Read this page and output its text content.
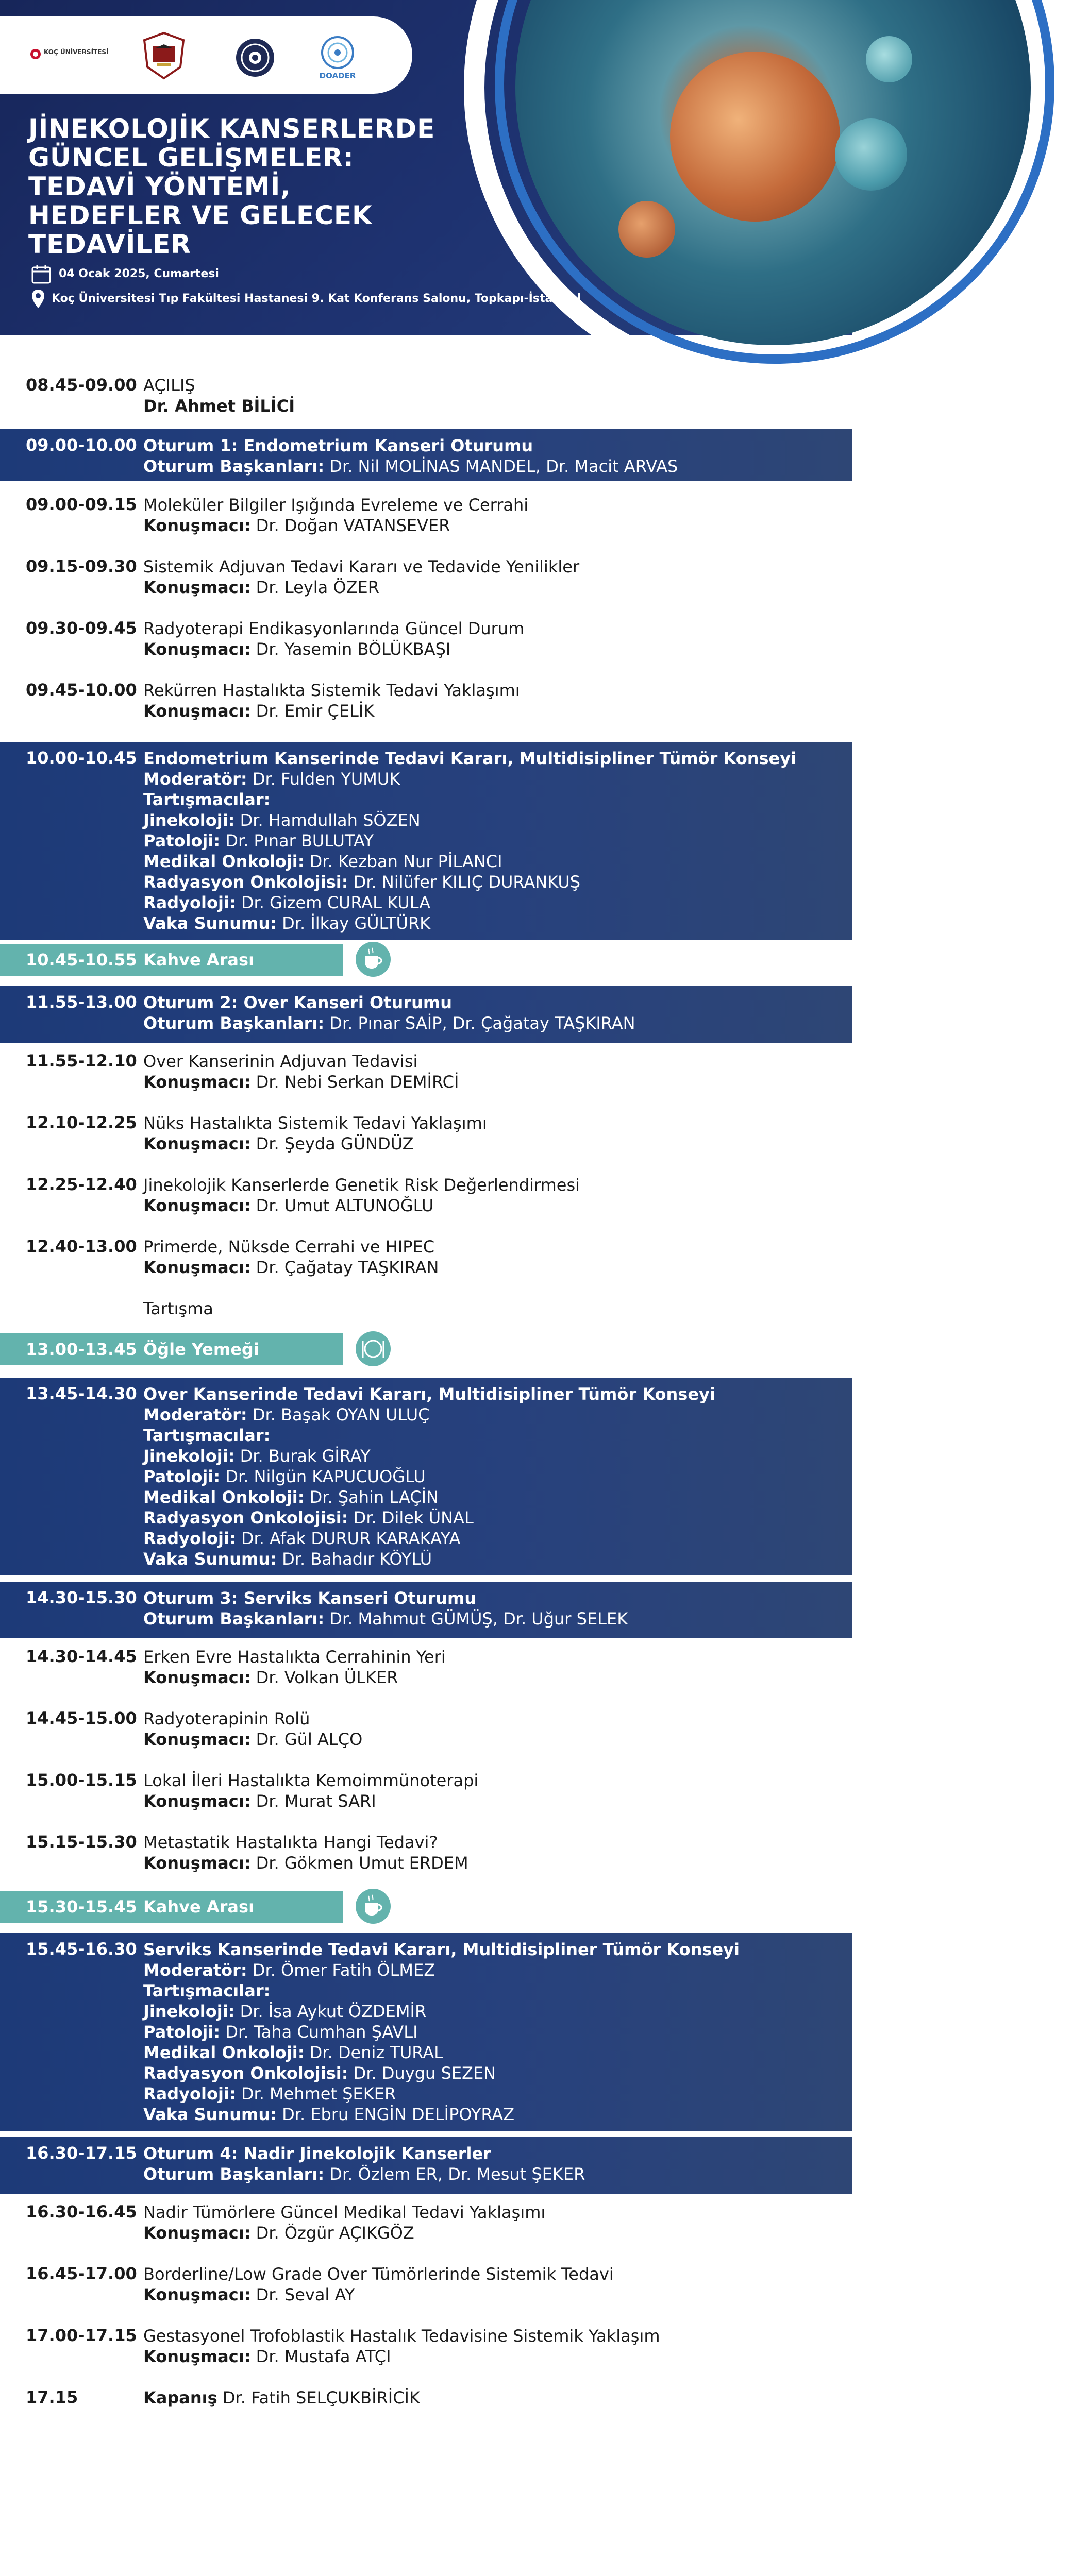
KOÇ ÜNİVERSİTESİ
DOADER
JİNEKOLOJİK KANSERLERDE
GÜNCEL GELİŞMELER:
TEDAVİ YÖNTEMİ,
HEDEFLER VE GELECEK TEDAVİLER
04 Ocak 2025, Cumartesi
Koç Üniversitesi Tıp Fakültesi Hastanesi 9. Kat Konferans Salonu, Topkapı-İstanbul
08.45-09.00 AÇILIŞ
Dr. Ahmet BİLİCİ
09.00-10.00 Oturum 1: Endometrium Kanseri Oturumu
Oturum Başkanları: Dr. Nil MOLİNAS MANDEL, Dr. Macit ARVAS
09.00-09.15 Moleküler Bilgiler Işığında Evreleme ve Cerrahi
Konuşmacı: Dr. Doğan VATANSEVER
09.15-09.30 Sistemik Adjuvan Tedavi Kararı ve Tedavide Yenilikler
Konuşmacı: Dr. Leyla ÖZER
09.30-09.45 Radyoterapi Endikasyonlarında Güncel Durum
Konuşmacı: Dr. Yasemin BÖLÜKBAŞI
09.45-10.00 Rekürren Hastalıkta Sistemik Tedavi Yaklaşımı
Konuşmacı: Dr. Emir ÇELİK
10.00-10.45 Endometrium Kanserinde Tedavi Kararı, Multidisipliner Tümör Konseyi
Moderatör: Dr. Fulden YUMUK
Tartışmacılar:
Jinekoloji: Dr. Hamdullah SÖZEN
Patoloji: Dr. Pınar BULUTAY
Medikal Onkoloji: Dr. Kezban Nur PİLANCI
Radyasyon Onkolojisi: Dr. Nilüfer KILIÇ DURANKUŞ
Radyoloji: Dr. Gizem CURAL KULA
Vaka Sunumu: Dr. İlkay GÜLTÜRK
10.45-10.55 Kahve Arası
11.55-13.00 Oturum 2: Over Kanseri Oturumu
Oturum Başkanları: Dr. Pınar SAİP, Dr. Çağatay TAŞKIRAN
11.55-12.10 Over Kanserinin Adjuvan Tedavisi
Konuşmacı: Dr. Nebi Serkan DEMİRCİ
12.10-12.25 Nüks Hastalıkta Sistemik Tedavi Yaklaşımı
Konuşmacı: Dr. Şeyda GÜNDÜZ
12.25-12.40 Jinekolojik Kanserlerde Genetik Risk Değerlendirmesi
Konuşmacı: Dr. Umut ALTUNOĞLU
12.40-13.00 Primerde, Nüksde Cerrahi ve HIPEC
Konuşmacı: Dr. Çağatay TAŞKIRAN
Tartışma
13.00-13.45 Öğle Yemeği
13.45-14.30 Over Kanserinde Tedavi Kararı, Multidisipliner Tümör Konseyi
Moderatör: Dr. Başak OYAN ULUÇ
Tartışmacılar:
Jinekoloji: Dr. Burak GİRAY
Patoloji: Dr. Nilgün KAPUCUOĞLU
Medikal Onkoloji: Dr. Şahin LAÇİN
Radyasyon Onkolojisi: Dr. Dilek ÜNAL
Radyoloji: Dr. Afak DURUR KARAKAYA
Vaka Sunumu: Dr. Bahadır KÖYLÜ
14.30-15.30 Oturum 3: Serviks Kanseri Oturumu
Oturum Başkanları: Dr. Mahmut GÜMÜŞ, Dr. Uğur SELEK
14.30-14.45 Erken Evre Hastalıkta Cerrahinin Yeri
Konuşmacı: Dr. Volkan ÜLKER
14.45-15.00 Radyoterapinin Rolü
Konuşmacı: Dr. Gül ALÇO
15.00-15.15 Lokal İleri Hastalıkta Kemoimmünoterapi
Konuşmacı: Dr. Murat SARI
15.15-15.30 Metastatik Hastalıkta Hangi Tedavi?
Konuşmacı: Dr. Gökmen Umut ERDEM
15.30-15.45 Kahve Arası
15.45-16.30 Serviks Kanserinde Tedavi Kararı, Multidisipliner Tümör Konseyi
Moderatör: Dr. Ömer Fatih ÖLMEZ
Tartışmacılar:
Jinekoloji: Dr. İsa Aykut ÖZDEMİR
Patoloji: Dr. Taha Cumhan ŞAVLI
Medikal Onkoloji: Dr. Deniz TURAL
Radyasyon Onkolojisi: Dr. Duygu SEZEN
Radyoloji: Dr. Mehmet ŞEKER
Vaka Sunumu: Dr. Ebru ENGİN DELİPOYRAZ
16.30-17.15 Oturum 4: Nadir Jinekolojik Kanserler
Oturum Başkanları: Dr. Özlem ER, Dr. Mesut ŞEKER
16.30-16.45 Nadir Tümörlere Güncel Medikal Tedavi Yaklaşımı
Konuşmacı: Dr. Özgür AÇIKGÖZ
16.45-17.00 Borderline/Low Grade Over Tümörlerinde Sistemik Tedavi
Konuşmacı: Dr. Seval AY
17.00-17.15 Gestasyonel Trofoblastik Hastalık Tedavisine Sistemik Yaklaşım
Konuşmacı: Dr. Mustafa ATÇI
17.15	Kapanış Dr. Fatih SELÇUKBİRİCİK
